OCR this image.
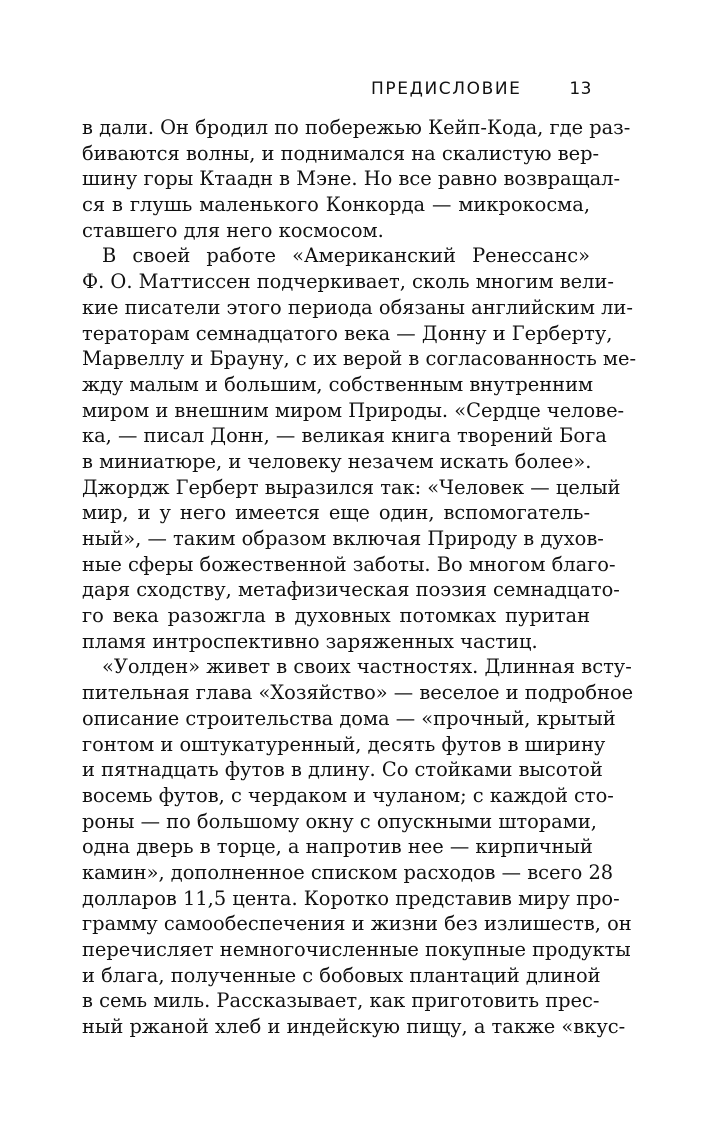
ПРЕДИСЛОВИЕ	13
в дали. Он бродил по побережью Кейп-Кода, где раз-
биваются волны, и поднимался на скалистую вер-
шину горы Ктаадн в Мэне. Но все равно возвращал-
ся в глушь маленького Конкорда — микрокосма,
ставшего для него космосом.
В своей работе «Американский Ренессанс»
Ф. О. Маттиссен подчеркивает, сколь многим вели-
кие писатели этого периода обязаны английским ли-
тераторам семнадцатого века — Донну и Герберту,
Марвеллу и Брауну, с их верой в согласованность ме-
жду малым и большим, собственным внутренним
миром и внешним миром Природы. «Сердце челове-
ка, — писал Донн, — великая книга творений Бога
в миниатюре, и человеку незачем искать более».
Джордж Герберт выразился так: «Человек — целый
мир, и у него имеется еще один, вспомогатель-
ный», — таким образом включая Природу в духов-
ные сферы божественной заботы. Во многом благо-
даря сходству, метафизическая поэзия семнадцато-
го века разожгла в духовных потомках пуритан
пламя интроспективно заряженных частиц.
«Уолден» живет в своих частностях. Длинная всту-
пительная глава «Хозяйство» — веселое и подробное
описание строительства дома — «прочный, крытый
гонтом и оштукатуренный, десять футов в ширину
и пятнадцать футов в длину. Со стойками высотой
восемь футов, с чердаком и чуланом; с каждой сто-
роны — по большому окну с опускными шторами,
одна дверь в торце, а напротив нее — кирпичный
камин», дополненное списком расходов — всего 28
долларов 11,5 цента. Коротко представив миру про-
грамму самообеспечения и жизни без излишеств, он
перечисляет немногочисленные покупные продукты
и блага, полученные с бобовых плантаций длиной
в семь миль. Рассказывает, как приготовить прес-
ный ржаной хлеб и индейскую пищу, а также «вкус-
